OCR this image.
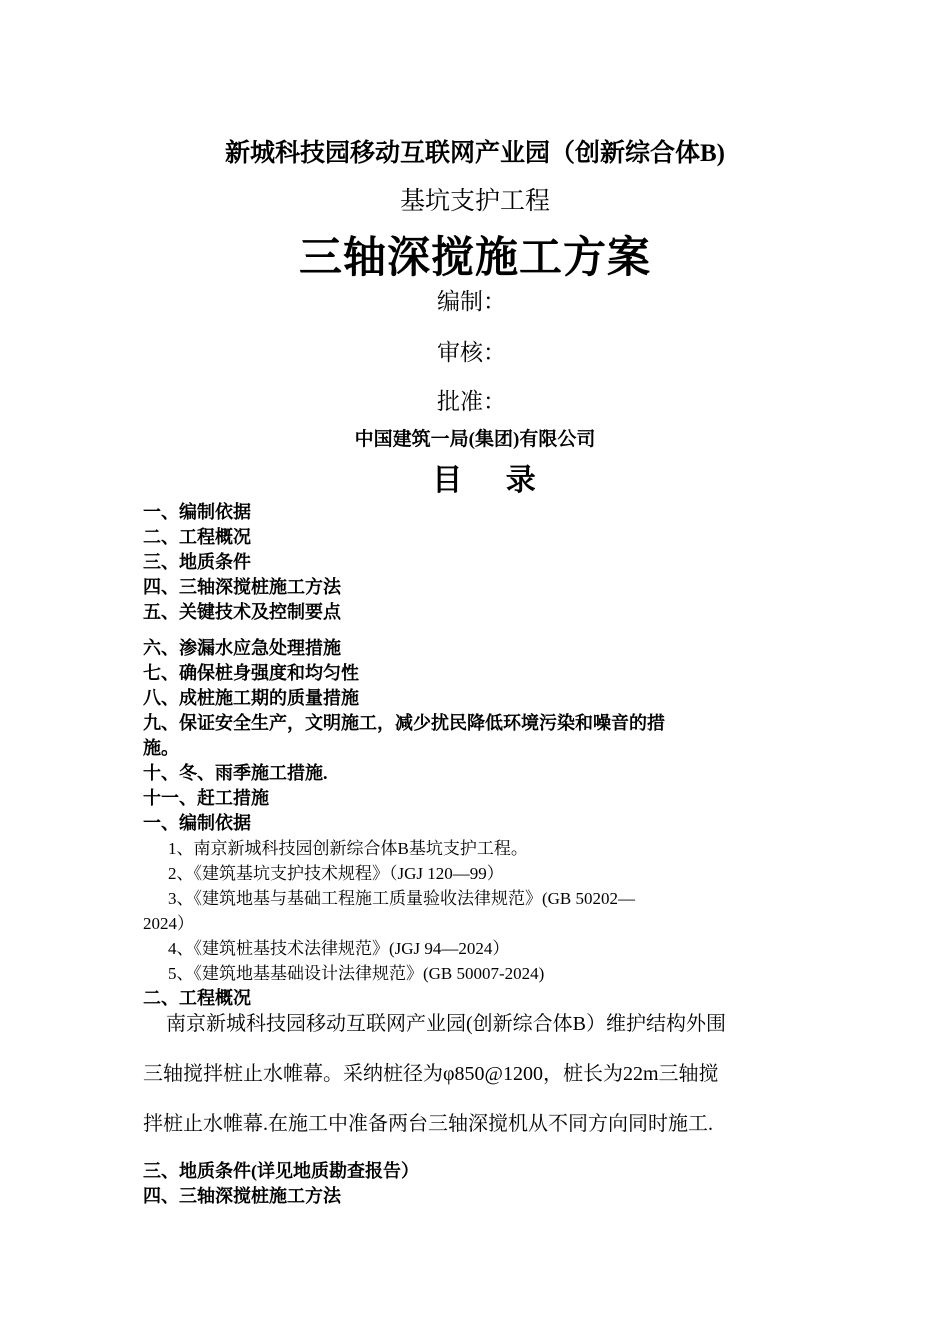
新城科技园移动互联网产业园（创新综合体B)
基坑支护工程
三轴深搅施工方案
编制：
审核：
批准：
中国建筑一局(集团)有限公司
目 录
一、编制依据
二、工程概况
三、地质条件
四、三轴深搅桩施工方法
五、关键技术及控制要点
六、渗漏水应急处理措施
七、确保桩身强度和均匀性
八、成桩施工期的质量措施
九、保证安全生产，文明施工，减少扰民降低环境污染和噪音的措
施。
十、冬、雨季施工措施.
十一、赶工措施
一、编制依据
1、南京新城科技园创新综合体B基坑支护工程。
2、《建筑基坑支护技术规程》（JGJ 120—99）
3、《建筑地基与基础工程施工质量验收法律规范》(GB 50202—
2024）
4、《建筑桩基技术法律规范》(JGJ 94—2024）
5、《建筑地基基础设计法律规范》(GB 50007-2024)
二、工程概况
南京新城科技园移动互联网产业园(创新综合体B）维护结构外围
三轴搅拌桩止水帷幕。采纳桩径为φ850@1200，桩长为22m三轴搅
拌桩止水帷幕.在施工中准备两台三轴深搅机从不同方向同时施工.
三、地质条件(详见地质勘查报告）
四、三轴深搅桩施工方法
